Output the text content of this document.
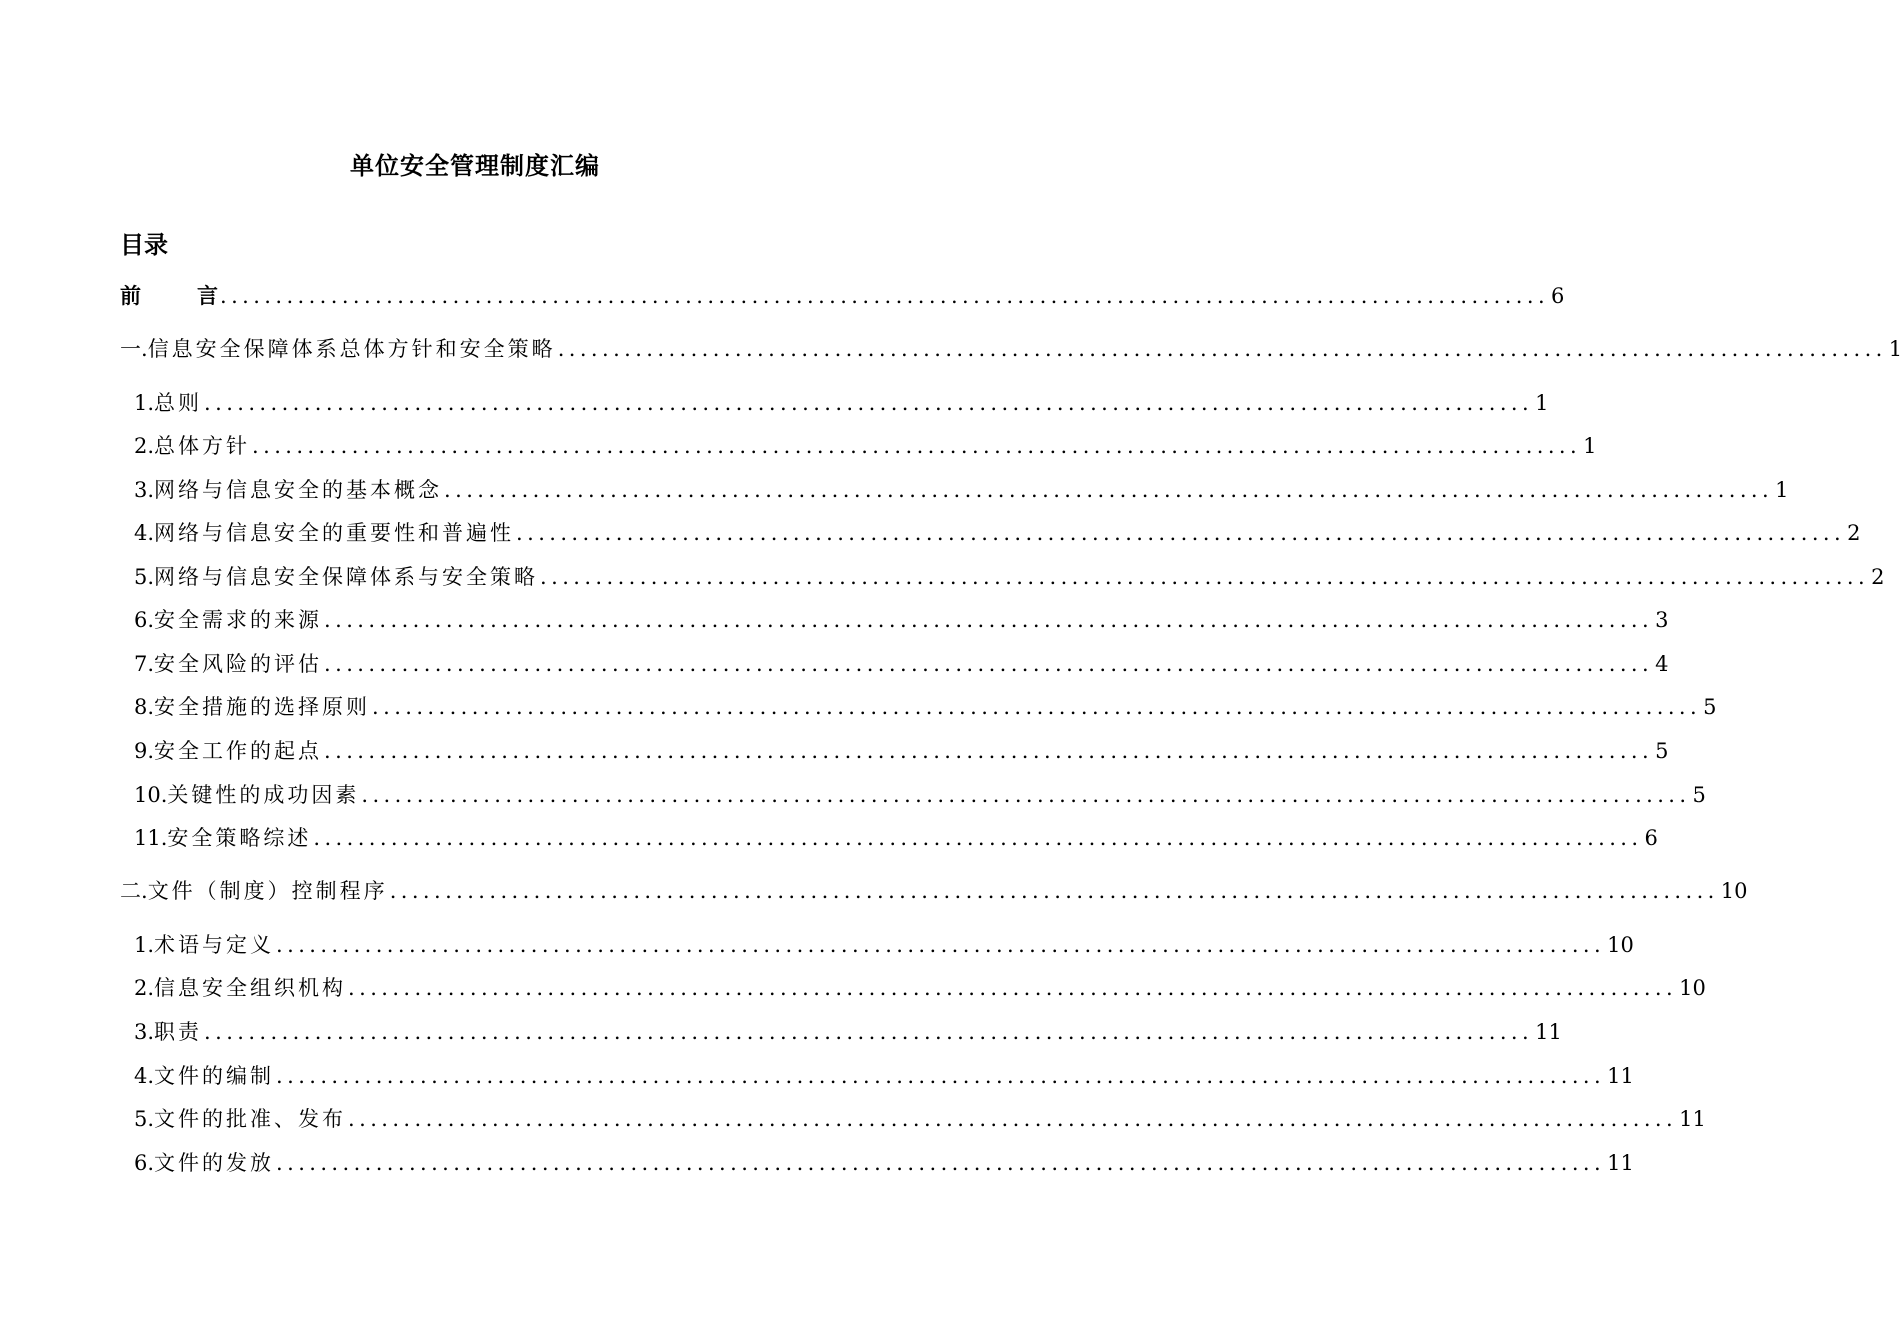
单位安全管理制度汇编
目录
前	言 ........................................................................................................................ 6
一. 信息安全保障体系总体方针和安全策略 ........................................................................................................................ 1
1. 总则 ........................................................................................................................ 1
2. 总体方针 ........................................................................................................................ 1
3. 网络与信息安全的基本概念 ........................................................................................................................ 1
4. 网络与信息安全的重要性和普遍性 ........................................................................................................................ 2
5. 网络与信息安全保障体系与安全策略 ........................................................................................................................ 2
6. 安全需求的来源 ........................................................................................................................ 3
7. 安全风险的评估 ........................................................................................................................ 4
8. 安全措施的选择原则 ........................................................................................................................ 5
9. 安全工作的起点 ........................................................................................................................ 5
10. 关键性的成功因素 ........................................................................................................................ 5
11. 安全策略综述 ........................................................................................................................ 6
二. 文件（制度）控制程序 ........................................................................................................................ 10
1. 术语与定义 ........................................................................................................................ 10
2. 信息安全组织机构 ........................................................................................................................ 10
3. 职责 ........................................................................................................................ 11
4. 文件的编制 ........................................................................................................................ 11
5. 文件的批准、发布 ........................................................................................................................ 11
6. 文件的发放 ........................................................................................................................ 11
